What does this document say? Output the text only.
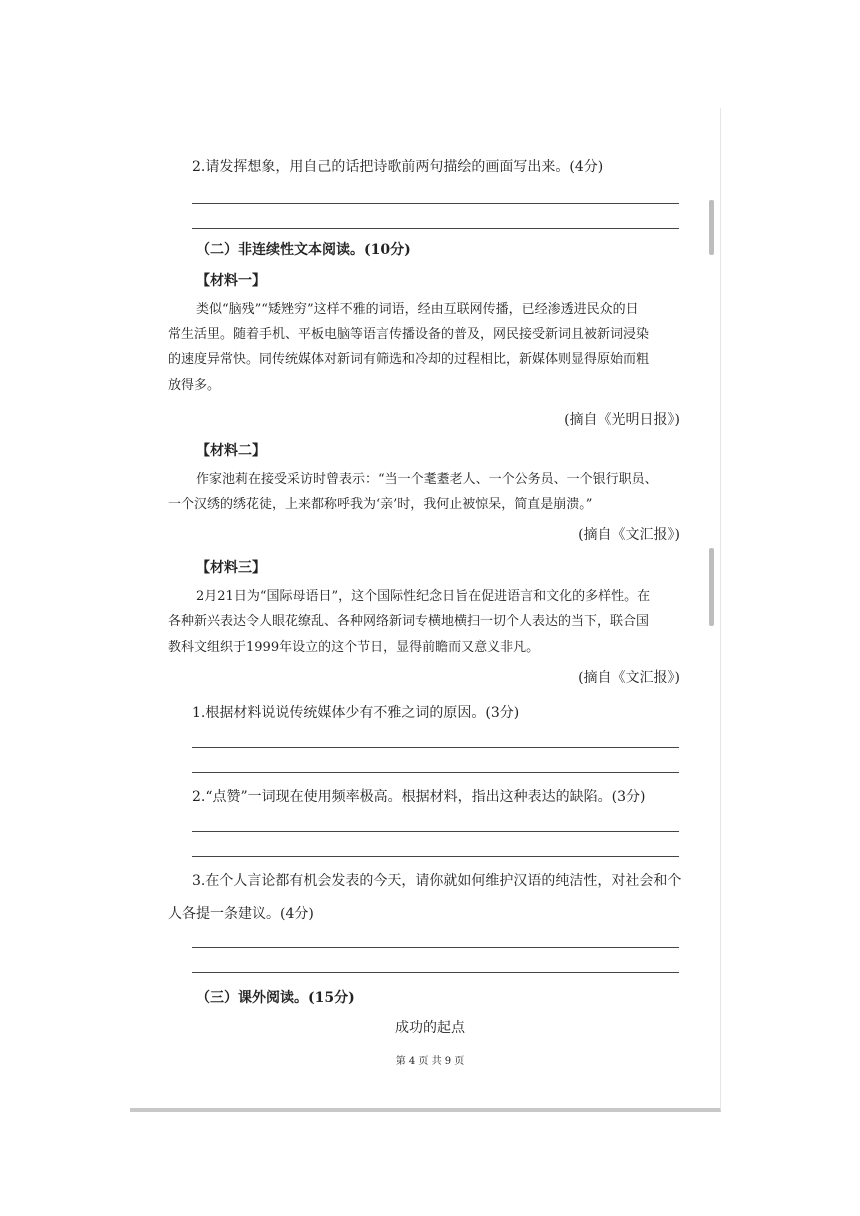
2.请发挥想象，用自己的话把诗歌前两句描绘的画面写出来。(4分)
（二）非连续性文本阅读。(10分)
【材料一】
类似“脑残”“矮矬穷”这样不雅的词语，经由互联网传播，已经渗透进民众的日
常生活里。随着手机、平板电脑等语言传播设备的普及，网民接受新词且被新词浸染
的速度异常快。同传统媒体对新词有筛选和冷却的过程相比，新媒体则显得原始而粗
放得多。
(摘自《光明日报》)
【材料二】
作家池莉在接受采访时曾表示：“当一个耄耋老人、一个公务员、一个银行职员、
一个汉绣的绣花徒，上来都称呼我为‘亲’时，我何止被惊呆，简直是崩溃。”
(摘自《文汇报》)
【材料三】
2月21日为“国际母语日”，这个国际性纪念日旨在促进语言和文化的多样性。在
各种新兴表达令人眼花缭乱、各种网络新词专横地横扫一切个人表达的当下，联合国
教科文组织于1999年设立的这个节日，显得前瞻而又意义非凡。
(摘自《文汇报》)
1.根据材料说说传统媒体少有不雅之词的原因。(3分)
2.“点赞”一词现在使用频率极高。根据材料，指出这种表达的缺陷。(3分)
3.在个人言论都有机会发表的今天，请你就如何维护汉语的纯洁性，对社会和个
人各提一条建议。(4分)
（三）课外阅读。(15分)
成功的起点
第 4 页 共 9 页
